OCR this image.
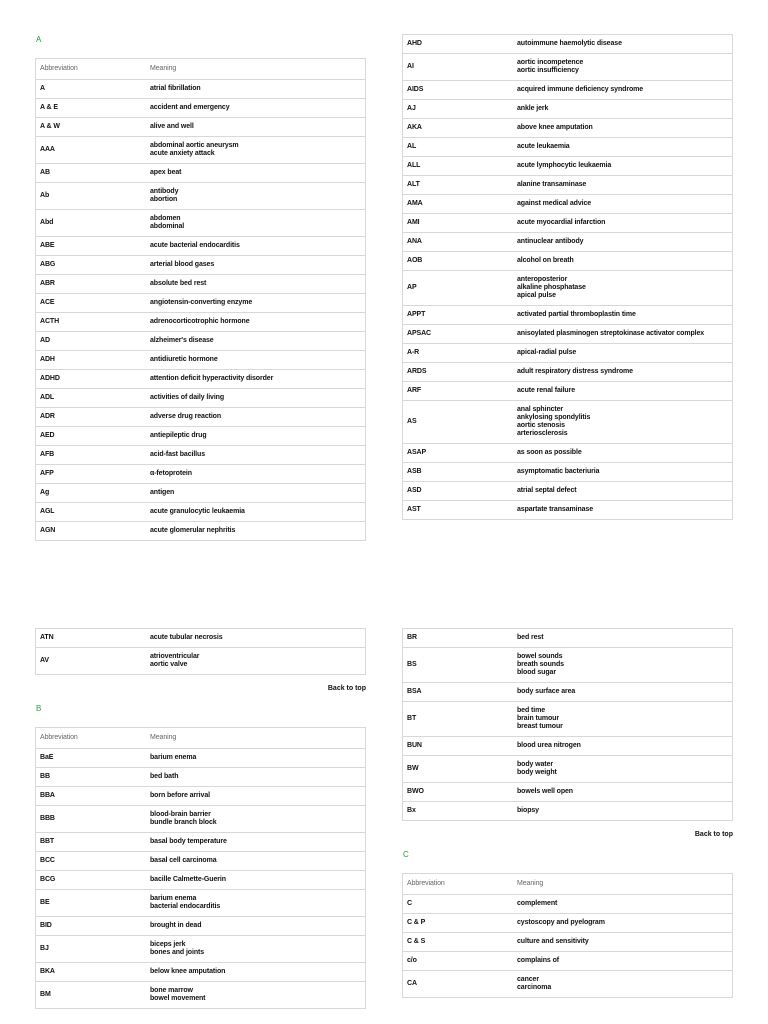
A
Abbreviation	Meaning
A	atrial fibrillation

A & E	accident and emergency

A & W	alive and well

AAA	abdominal aortic aneurysm
acute anxiety attack

AB	apex beat

Ab	antibody
abortion

Abd	abdomen
abdominal

ABE	acute bacterial endocarditis

ABG	arterial blood gases

ABR	absolute bed rest

ACE	angiotensin-converting enzyme

ACTH	adrenocorticotrophic hormone

AD	alzheimer's disease

ADH	antidiuretic hormone

ADHD	attention deficit hyperactivity disorder

ADL	activities of daily living

ADR	adverse drug reaction

AED	antiepileptic drug

AFB	acid-fast bacillus

AFP	α-fetoprotein

Ag	antigen

AGL	acute granulocytic leukaemia

AGN	acute glomerular nephritis
AHD	autoimmune haemolytic disease

AI	aortic incompetence
aortic insufficiency

AIDS	acquired immune deficiency syndrome

AJ	ankle jerk

AKA	above knee amputation

AL	acute leukaemia

ALL	acute lymphocytic leukaemia

ALT	alanine transaminase

AMA	against medical advice

AMI	acute myocardial infarction

ANA	antinuclear antibody

AOB	alcohol on breath

AP	anteroposterior
alkaline phosphatase
apical pulse

APPT	activated partial thromboplastin time

APSAC	anisoylated plasminogen streptokinase activator complex

A-R	apical-radial pulse

ARDS	adult respiratory distress syndrome

ARF	acute renal failure

AS	anal sphincter
ankylosing spondylitis
aortic stenosis
arteriosclerosis

ASAP	as soon as possible

ASB	asymptomatic bacteriuria

ASD	atrial septal defect

AST	aspartate transaminase
ATN	acute tubular necrosis

AV	atrioventricular
aortic valve
Back to top
B
Abbreviation	Meaning
BaE	barium enema

BB	bed bath

BBA	born before arrival

BBB	blood-brain barrier
bundle branch block

BBT	basal body temperature

BCC	basal cell carcinoma

BCG	bacille Calmette-Guerin

BE	barium enema
bacterial endocarditis

BID	brought in dead

BJ	biceps jerk
bones and joints

BKA	below knee amputation

BM	bone marrow
bowel movement
BR	bed rest

BS	bowel sounds
breath sounds
blood sugar

BSA	body surface area

BT	bed time
brain tumour
breast tumour

BUN	blood urea nitrogen

BW	body water
body weight

BWO	bowels well open

Bx	biopsy
Back to top
C
Abbreviation	Meaning
C	complement

C & P	cystoscopy and pyelogram

C & S	culture and sensitivity

c/o	complains of

CA	cancer
carcinoma
